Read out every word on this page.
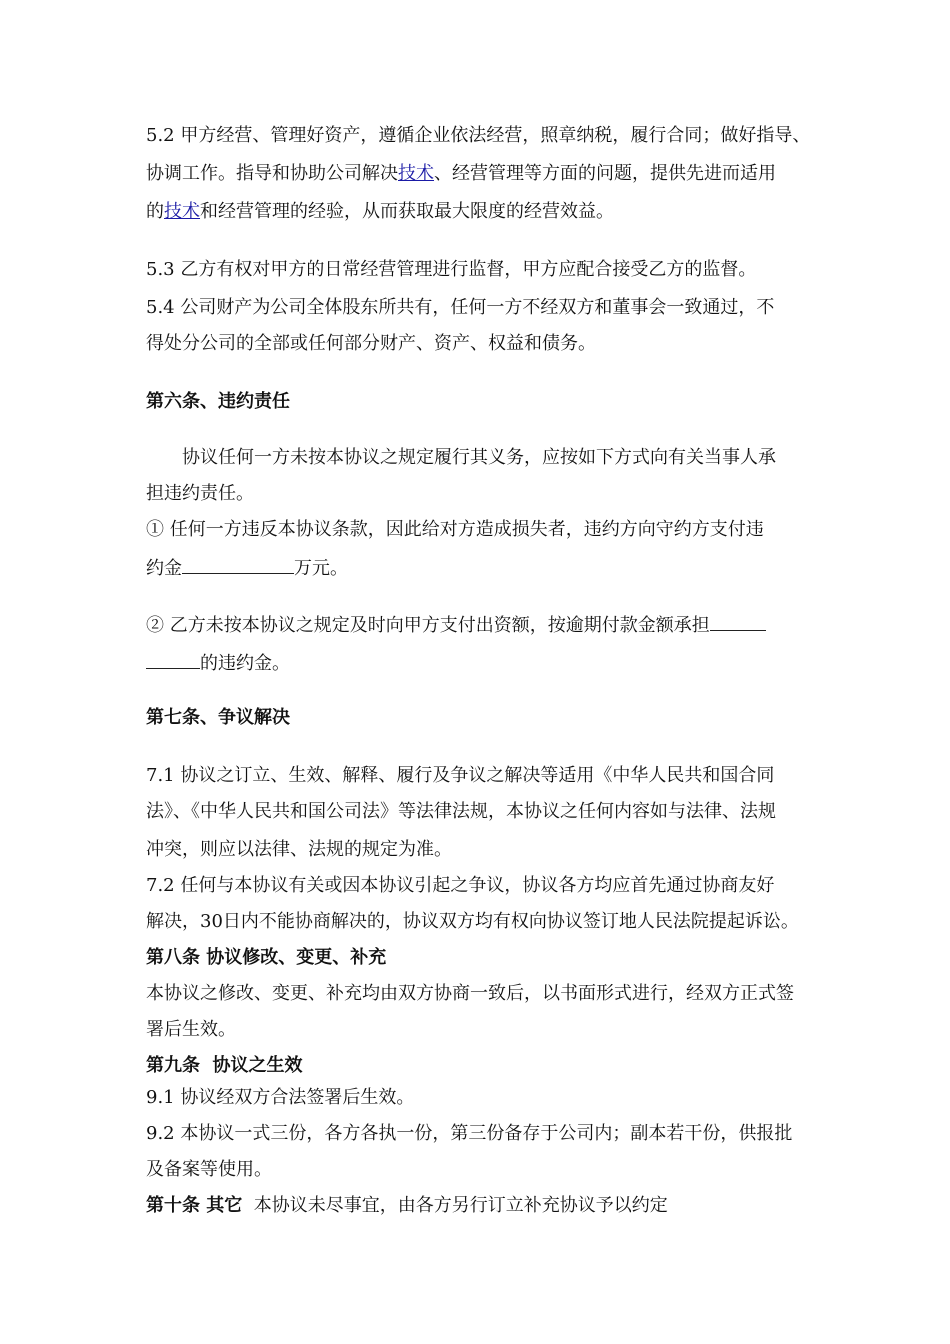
5.2 甲方经营、管理好资产，遵循企业依法经营，照章纳税，履行合同；做好指导、
协调工作。指导和协助公司解决技术、经营管理等方面的问题，提供先进而适用
的技术和经营管理的经验，从而获取最大限度的经营效益。
5.3 乙方有权对甲方的日常经营管理进行监督，甲方应配合接受乙方的监督。
5.4 公司财产为公司全体股东所共有，任何一方不经双方和董事会一致通过，不
得处分公司的全部或任何部分财产、资产、权益和债务。
第六条、违约责任
协议任何一方未按本协议之规定履行其义务，应按如下方式向有关当事人承
担违约责任。
① 任何一方违反本协议条款，因此给对方造成损失者，违约方向守约方支付违
约金	万元。
② 乙方未按本协议之规定及时向甲方支付出资额，按逾期付款金额承担
的违约金。
第七条、争议解决
7.1 协议之订立、生效、解释、履行及争议之解决等适用《中华人民共和国合同
法》、《中华人民共和国公司法》等法律法规，本协议之任何内容如与法律、法规
冲突，则应以法律、法规的规定为准。
7.2 任何与本协议有关或因本协议引起之争议，协议各方均应首先通过协商友好
解决，30日内不能协商解决的，协议双方均有权向协议签订地人民法院提起诉讼。
第八条 协议修改、变更、补充
本协议之修改、变更、补充均由双方协商一致后，以书面形式进行，经双方正式签
署后生效。
第九条  协议之生效
9.1 协议经双方合法签署后生效。
9.2 本协议一式三份，各方各执一份，第三份备存于公司内；副本若干份，供报批
及备案等使用。
第十条 其它 本协议未尽事宜，由各方另行订立补充协议予以约定
